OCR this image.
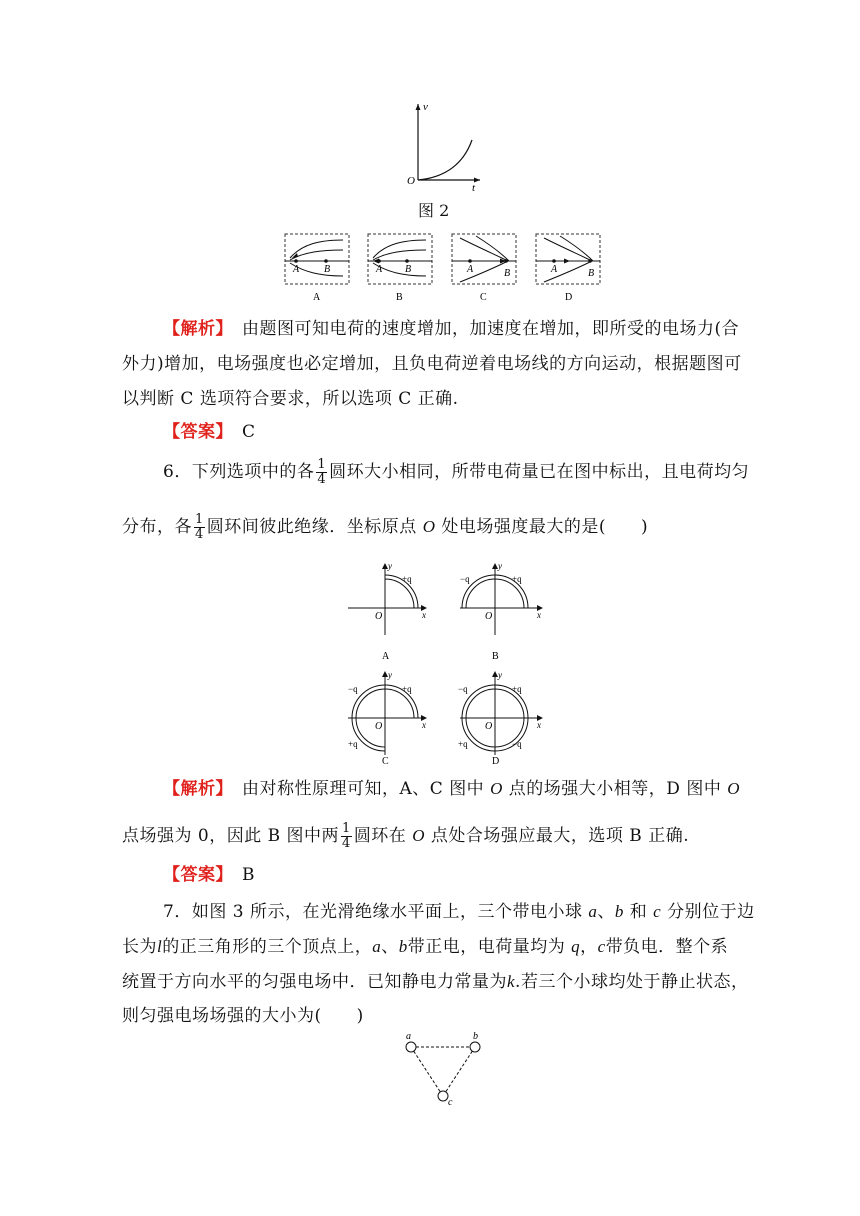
v
t
O
图 2
A B
A
A B
B
A	B
C
A	B
D
【解析】　 由题图可知电荷的速度增加，加速度在增加，即所受的电场力(合
外力)增加，电场强度也必定增加，且负电荷逆着电场线的方向运动，根据题图可
以判断 C 选项符合要求，所以选项 C 正确.
【答案】　 C
6．下列选项中的各 $\frac{1}{4}$ 圆环大小相同，所带电荷量已在图中标出，且电荷均匀
分布，各 $\frac{1}{4}$ 圆环间彼此绝缘．坐标原点 O 处电场强度最大的是(　　)
y
x
O
+q
A
y
x
O
−q	+q
B
y
x
O
−q	+q
+q
C
y
x
O
−q	+q
+q	−q
D
【解析】　 由对称性原理可知，A、C 图中 O 点的场强大小相等，D 图中 O
点场强为 0，因此 B 图中两 $\frac{1}{4}$ 圆环在 O 点处合场强应最大，选项 B 正确.
【答案】　 B
7．如图 3 所示，在光滑绝缘水平面上，三个带电小球 a、b 和 c 分别位于边
长为l的正三角形的三个顶点上，a、b带正电，电荷量均为 q，c带负电．整个系
统置于方向水平的匀强电场中．已知静电力常量为k.若三个小球均处于静止状态，
则匀强电场场强的大小为(　　)
a	b
c
